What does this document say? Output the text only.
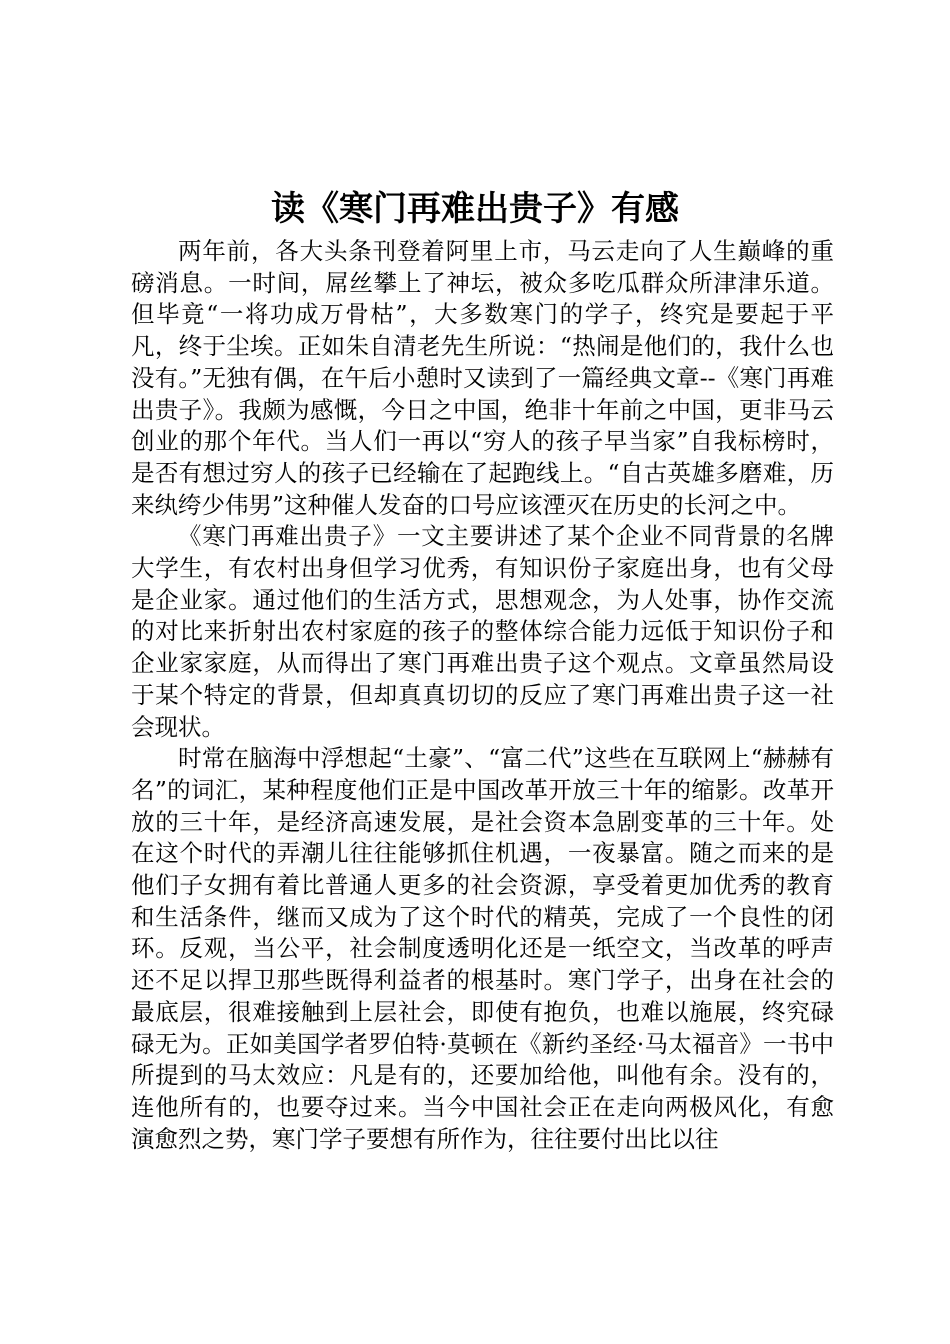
读《寒门再难出贵子》有感

两年前，各大头条刊登着阿里上市，马云走向了人生巅峰的重磅消息。一时间，屌丝攀上了神坛，被众多吃瓜群众所津津乐道。但毕竟“一将功成万骨枯”，大多数寒门的学子，终究是要起于平凡，终于尘埃。正如朱自清老先生所说：“热闹是他们的，我什么也没有。”无独有偶，在午后小憩时又读到了一篇经典文章--《寒门再难出贵子》。我颇为感慨，今日之中国，绝非十年前之中国，更非马云创业的那个年代。当人们一再以“穷人的孩子早当家”自我标榜时，是否有想过穷人的孩子已经输在了起跑线上。“自古英雄多磨难，历来纨绔少伟男”这种催人发奋的口号应该湮灭在历史的长河之中。

《寒门再难出贵子》一文主要讲述了某个企业不同背景的名牌大学生，有农村出身但学习优秀，有知识份子家庭出身，也有父母是企业家。通过他们的生活方式，思想观念，为人处事，协作交流的对比来折射出农村家庭的孩子的整体综合能力远低于知识份子和企业家家庭，从而得出了寒门再难出贵子这个观点。文章虽然局设于某个特定的背景，但却真真切切的反应了寒门再难出贵子这一社会现状。

时常在脑海中浮想起“土豪”、“富二代”这些在互联网上“赫赫有名”的词汇，某种程度他们正是中国改革开放三十年的缩影。改革开放的三十年，是经济高速发展，是社会资本急剧变革的三十年。处在这个时代的弄潮儿往往能够抓住机遇，一夜暴富。随之而来的是他们子女拥有着比普通人更多的社会资源，享受着更加优秀的教育和生活条件，继而又成为了这个时代的精英，完成了一个良性的闭环。反观，当公平，社会制度透明化还是一纸空文，当改革的呼声还不足以捍卫那些既得利益者的根基时。寒门学子，出身在社会的最底层，很难接触到上层社会，即使有抱负，也难以施展，终究碌碌无为。正如美国学者罗伯特·莫顿在《新约圣经·马太福音》一书中所提到的马太效应：凡是有的，还要加给他，叫他有余。没有的，连他所有的，也要夺过来。当今中国社会正在走向两极风化，有愈演愈烈之势，寒门学子要想有所作为，往往要付出比以往
